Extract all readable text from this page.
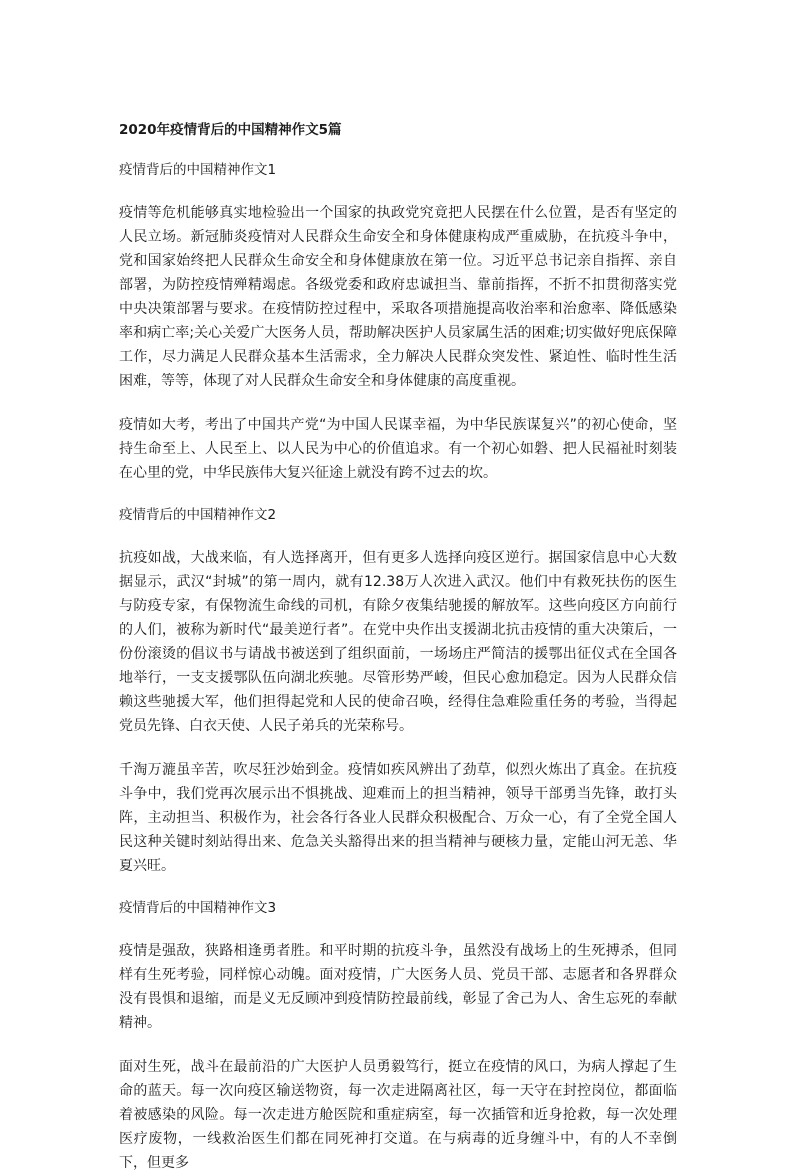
2020年疫情背后的中国精神作文5篇

疫情背后的中国精神作文1

疫情等危机能够真实地检验出一个国家的执政党究竟把人民摆在什么位置，是否有坚定的人民立场。新冠肺炎疫情对人民群众生命安全和身体健康构成严重威胁，在抗疫斗争中，党和国家始终把人民群众生命安全和身体健康放在第一位。习近平总书记亲自指挥、亲自部署，为防控疫情殚精竭虑。各级党委和政府忠诚担当、靠前指挥，不折不扣贯彻落实党中央决策部署与要求。在疫情防控过程中，采取各项措施提高收治率和治愈率、降低感染率和病亡率;关心关爱广大医务人员，帮助解决医护人员家属生活的困难;切实做好兜底保障工作，尽力满足人民群众基本生活需求，全力解决人民群众突发性、紧迫性、临时性生活困难，等等，体现了对人民群众生命安全和身体健康的高度重视。

疫情如大考，考出了中国共产党“为中国人民谋幸福，为中华民族谋复兴”的初心使命，坚持生命至上、人民至上、以人民为中心的价值追求。有一个初心如磐、把人民福祉时刻装在心里的党，中华民族伟大复兴征途上就没有跨不过去的坎。

疫情背后的中国精神作文2

抗疫如战，大战来临，有人选择离开，但有更多人选择向疫区逆行。据国家信息中心大数据显示，武汉“封城”的第一周内，就有12.38万人次进入武汉。他们中有救死扶伤的医生与防疫专家，有保物流生命线的司机，有除夕夜集结驰援的解放军。这些向疫区方向前行的人们，被称为新时代“最美逆行者”。在党中央作出支援湖北抗击疫情的重大决策后，一份份滚烫的倡议书与请战书被送到了组织面前，一场场庄严简洁的援鄂出征仪式在全国各地举行，一支支援鄂队伍向湖北疾驰。尽管形势严峻，但民心愈加稳定。因为人民群众信赖这些驰援大军，他们担得起党和人民的使命召唤，经得住急难险重任务的考验，当得起党员先锋、白衣天使、人民子弟兵的光荣称号。

千淘万漉虽辛苦，吹尽狂沙始到金。疫情如疾风辨出了劲草，似烈火炼出了真金。在抗疫斗争中，我们党再次展示出不惧挑战、迎难而上的担当精神，领导干部勇当先锋，敢打头阵，主动担当、积极作为，社会各行各业人民群众积极配合、万众一心，有了全党全国人民这种关键时刻站得出来、危急关头豁得出来的担当精神与硬核力量，定能山河无恙、华夏兴旺。

疫情背后的中国精神作文3

疫情是强敌，狭路相逢勇者胜。和平时期的抗疫斗争，虽然没有战场上的生死搏杀，但同样有生死考验，同样惊心动魄。面对疫情，广大医务人员、党员干部、志愿者和各界群众没有畏惧和退缩，而是义无反顾冲到疫情防控最前线，彰显了舍己为人、舍生忘死的奉献精神。

面对生死，战斗在最前沿的广大医护人员勇毅笃行，挺立在疫情的风口，为病人撑起了生命的蓝天。每一次向疫区输送物资，每一次走进隔离社区，每一天守在封控岗位，都面临着被感染的风险。每一次走进方舱医院和重症病室，每一次插管和近身抢救，每一次处理医疗废物，一线救治医生们都在同死神打交道。在与病毒的近身缠斗中，有的人不幸倒下，但更多
